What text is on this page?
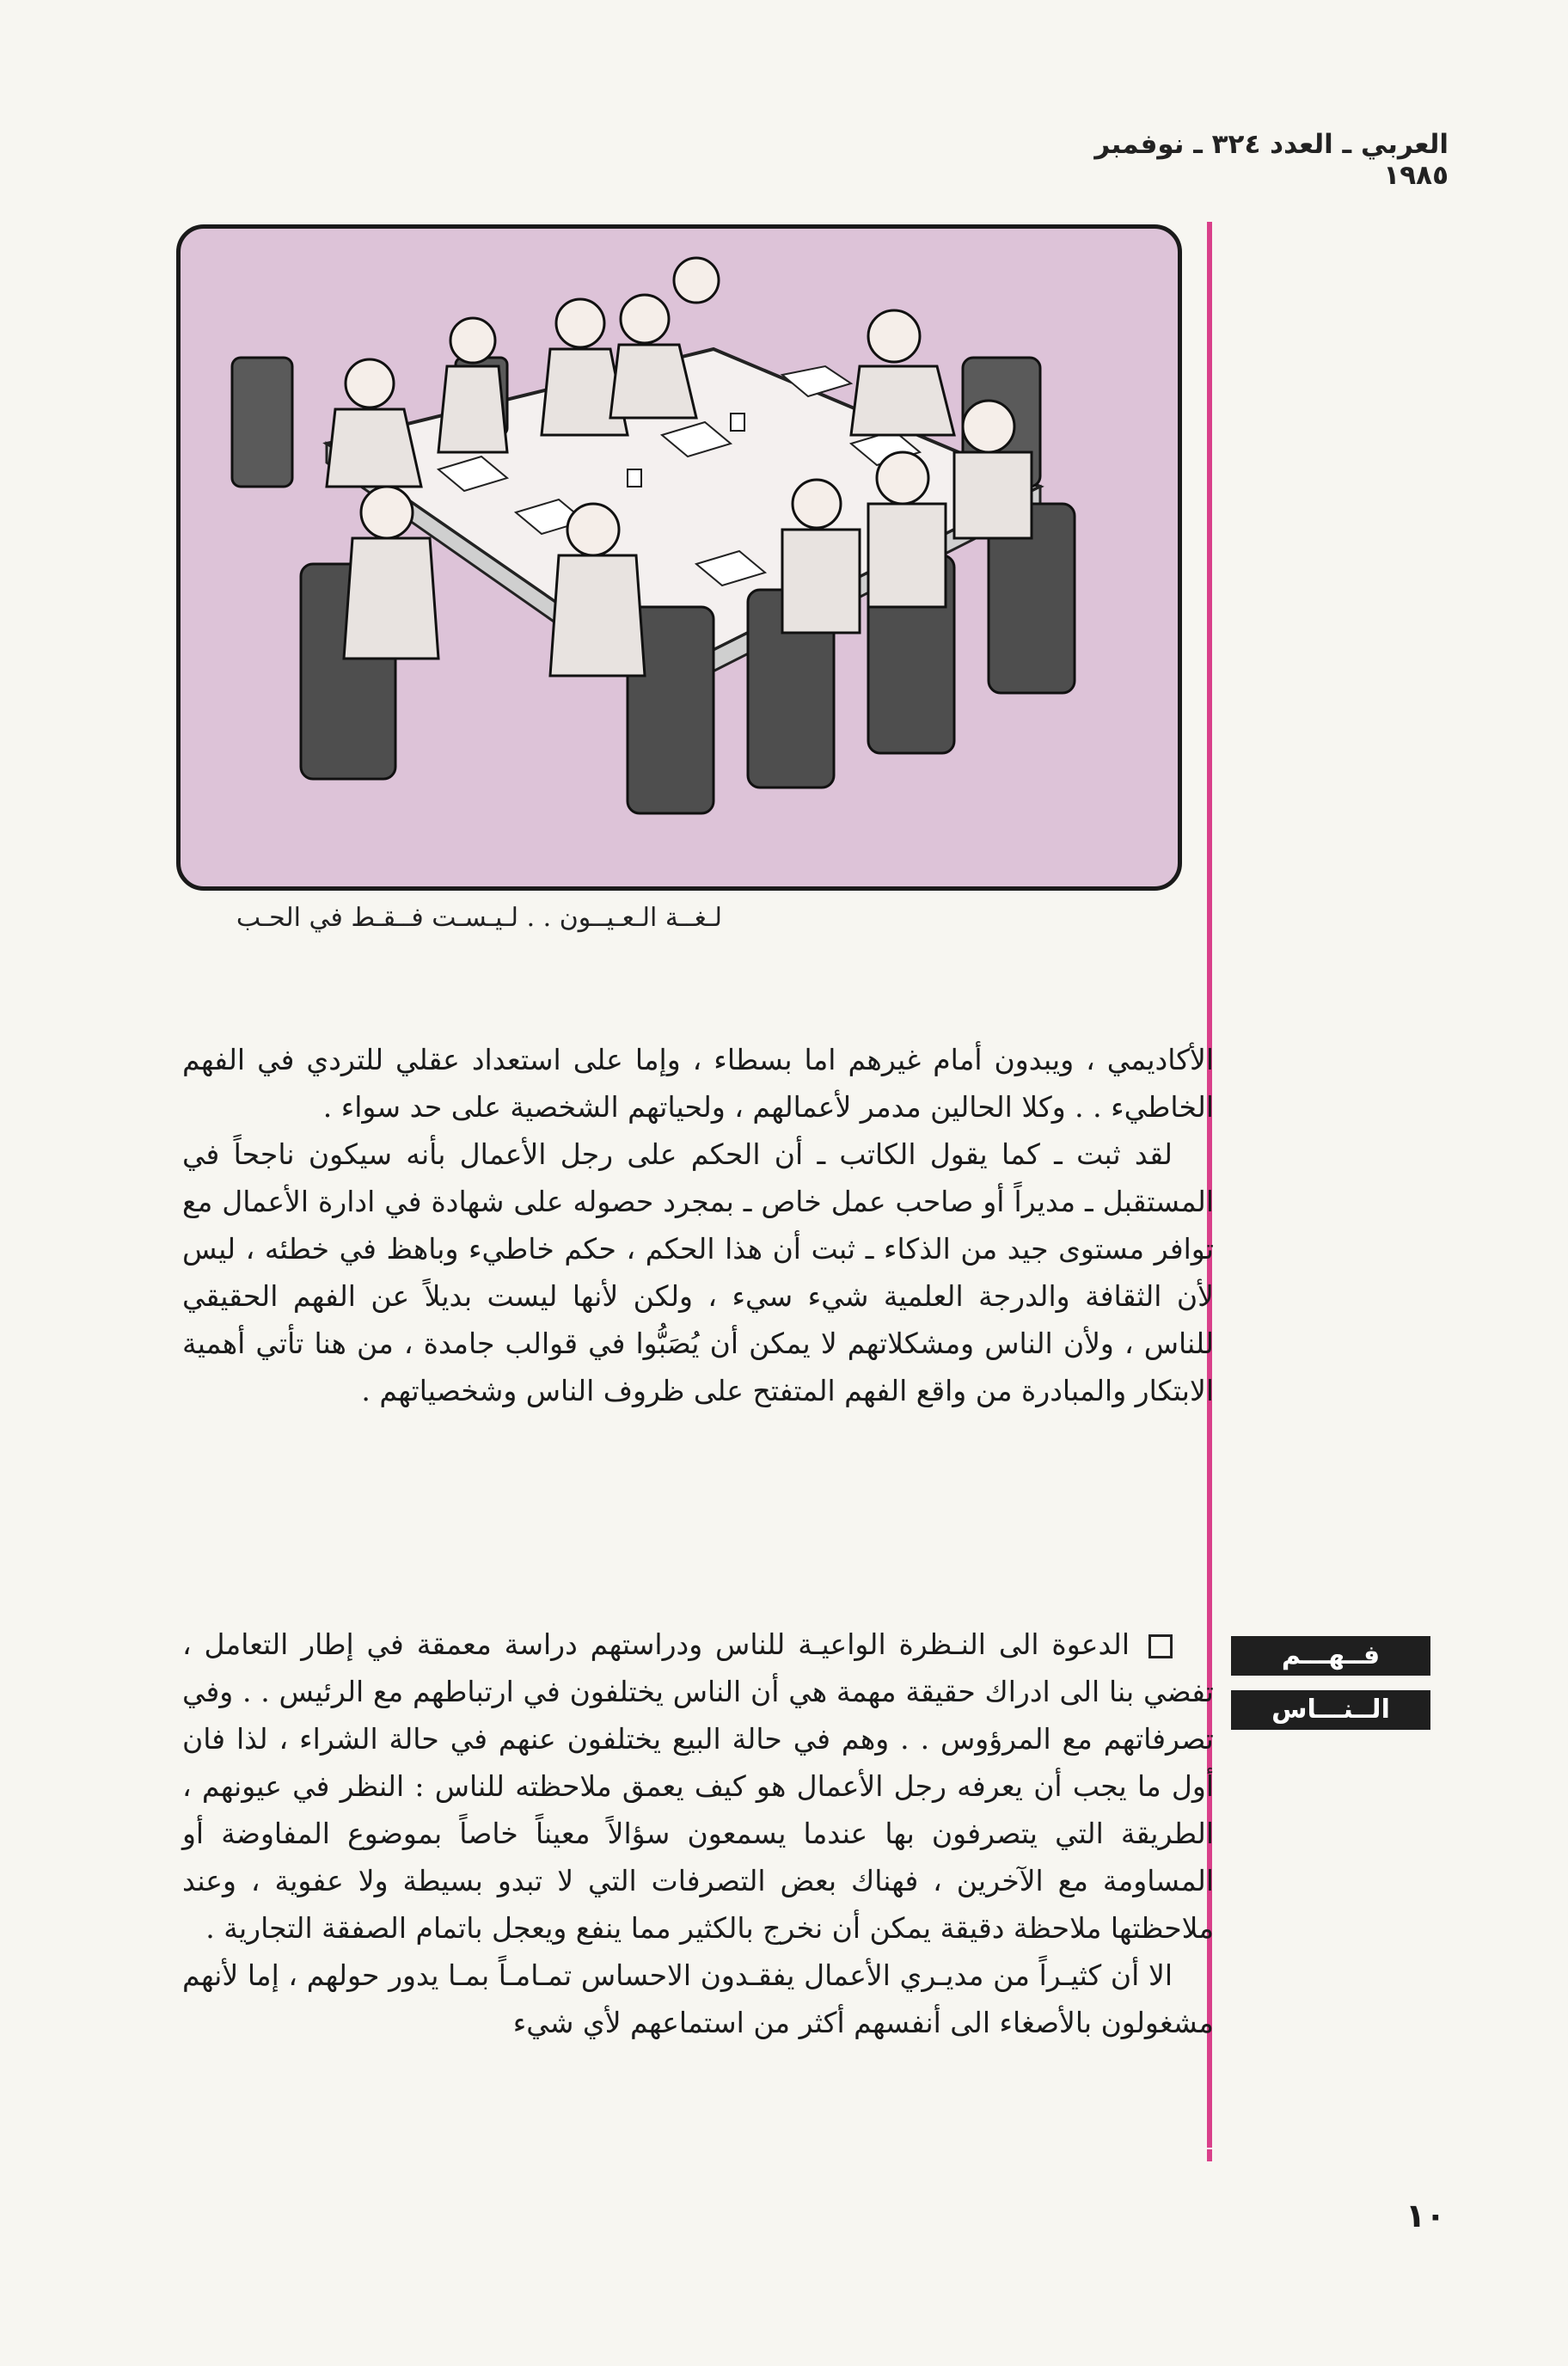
العربي ـ العدد ٣٢٤ ـ نوفمبر ١٩٨٥
لـغــة الـعـيــون . . لـيـسـت فــقـط في الحـب

الأكاديمي ، ويبدون أمام غيرهم اما بسطاء ، وإما على استعداد عقلي للتردي في الفهم الخاطيء . . وكلا الحالين مدمر لأعمالهم ، ولحياتهم الشخصية على حد سواء .

لقد ثبت ـ كما يقول الكاتب ـ أن الحكم على رجل الأعمال بأنه سيكون ناجحاً في المستقبل ـ مديراً أو صاحب عمل خاص ـ بمجرد حصوله على شهادة في ادارة الأعمال مع توافر مستوى جيد من الذكاء ـ ثبت أن هذا الحكم ، حكم خاطيء وباهظ في خطئه ، ليس لأن الثقافة والدرجة العلمية شيء سيء ، ولكن لأنها ليست بديلاً عن الفهم الحقيقي للناس ، ولأن الناس ومشكلاتهم لا يمكن أن يُصَبُّوا في قوالب جامدة ، من هنا تأتي أهمية الابتكار والمبادرة من واقع الفهم المتفتح على ظروف الناس وشخصياتهم .

الدعوة الى النـظرة الواعيـة للناس ودراستهم دراسة معمقة في إطار التعامل ، تفضي بنا الى ادراك حقيقة مهمة هي أن الناس يختلفون في ارتباطهم مع الرئيس . . وفي تصرفاتهم مع المرؤوس . . وهم في حالة البيع يختلفون عنهم في حالة الشراء ، لذا فان أول ما يجب أن يعرفه رجل الأعمال هو كيف يعمق ملاحظته للناس : النظر في عيونهم ، الطريقة التي يتصرفون بها عندما يسمعون سؤالاً معيناً خاصاً بموضوع المفاوضة أو المساومة مع الآخرين ، فهناك بعض التصرفات التي لا تبدو بسيطة ولا عفوية ، وعند ملاحظتها ملاحظة دقيقة يمكن أن نخرج بالكثير مما ينفع ويعجل باتمام الصفقة التجارية .

الا أن كثيـراً من مديـري الأعمال يفقـدون الاحساس تمـامـاً بمـا يدور حولهم ، إما لأنهم مشغولون بالأصغاء الى أنفسهم أكثر من استماعهم لأي شيء

فــهـــم
الــنـــاس
١٠
